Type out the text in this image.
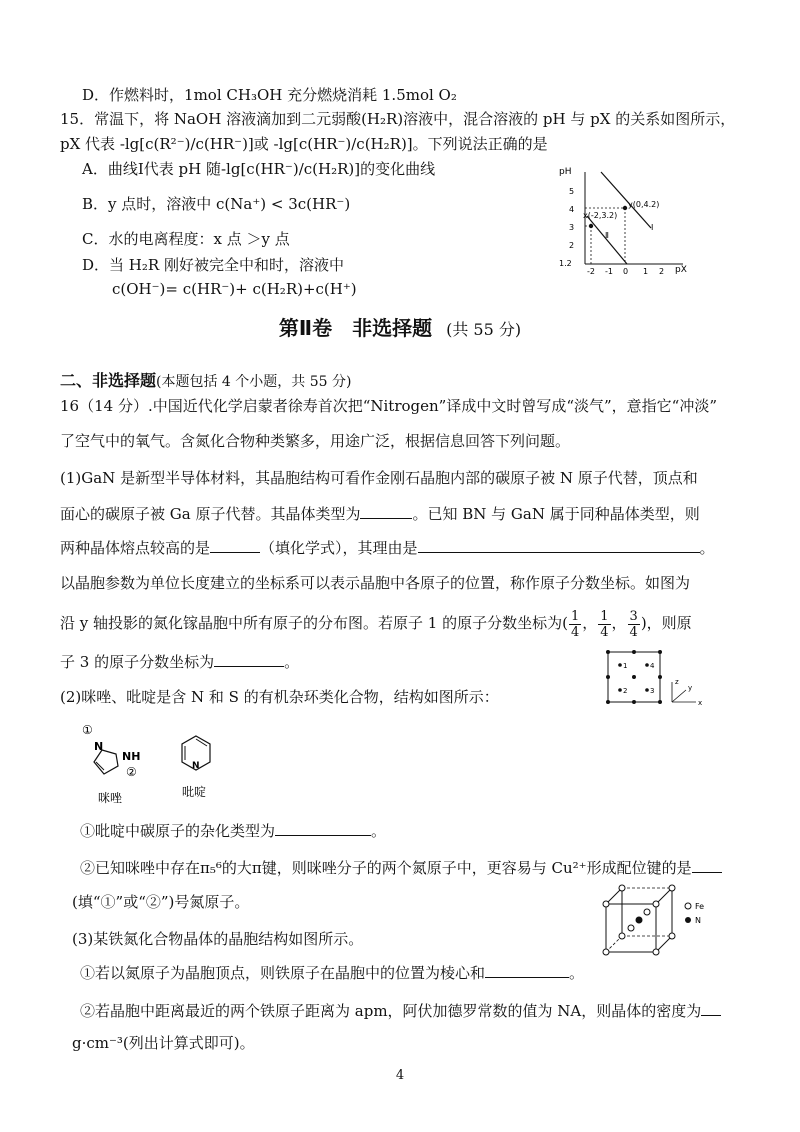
D．作燃料时，1mol CH₃OH 充分燃烧消耗 1.5mol O₂
15．常温下，将 NaOH 溶液滴加到二元弱酸(H₂R)溶液中，混合溶液的 pH 与 pX 的关系如图所示，
pX 代表 -lg[c(R²⁻)/c(HR⁻)]或 -lg[c(HR⁻)/c(H₂R)]。下列说法正确的是
A．曲线Ⅰ代表 pH 随-lg[c(HR⁻)/c(H₂R)]的变化曲线
B．y 点时，溶液中 c(Na⁺) < 3c(HR⁻)
C．水的电离程度：x 点 ＞y 点
D．当 H₂R 刚好被完全中和时，溶液中
c(OH⁻)= c(HR⁻)+ c(H₂R)+c(H⁺)
pH
pX
5
4
3
2
1.2
-2 -1 0 1 2
y(0,4.2)
x(-2,3.2)
Ⅰ
Ⅱ
第Ⅱ卷　非选择题 (共 55 分)
二、非选择题(本题包括 4 个小题，共 55 分)
16（14 分）.中国近代化学启蒙者徐寿首次把“Nitrogen”译成中文时曾写成“淡气”，意指它“冲淡”
了空气中的氧气。含氮化合物种类繁多，用途广泛，根据信息回答下列问题。
(1)GaN 是新型半导体材料，其晶胞结构可看作金刚石晶胞内部的碳原子被 N 原子代替，顶点和
面心的碳原子被 Ga 原子代替。其晶体类型为	。已知 BN 与 GaN 属于同种晶体类型，则
两种晶体熔点较高的是	（填化学式），其理由是	。
以晶胞参数为单位长度建立的坐标系可以表示晶胞中各原子的位置，称作原子分数坐标。如图为
沿 y 轴投影的氮化镓晶胞中所有原子的分布图。若原子 1 的原子分数坐标为( $\frac{1}{4}$ ， $\frac{1}{4}$ ， $\frac{3}{4}$ )，则原
子 3 的原子分数坐标为	。	1	4
2	3
z
y
x
(2)咪唑、吡啶是含 N 和 S 的有机杂环类化合物，结构如图所示：
①
N
NH
②
咪唑
N
吡啶
①吡啶中碳原子的杂化类型为	。
②已知咪唑中存在π₅⁶的大π键，则咪唑分子的两个氮原子中，更容易与 Cu²⁺形成配位键的是
(填“①”或“②”)号氮原子。	Fe
N
(3)某铁氮化合物晶体的晶胞结构如图所示。
①若以氮原子为晶胞顶点，则铁原子在晶胞中的位置为棱心和	。
②若晶胞中距离最近的两个铁原子距离为 apm，阿伏加德罗常数的值为 NA，则晶体的密度为
g·cm⁻³(列出计算式即可)。
4
